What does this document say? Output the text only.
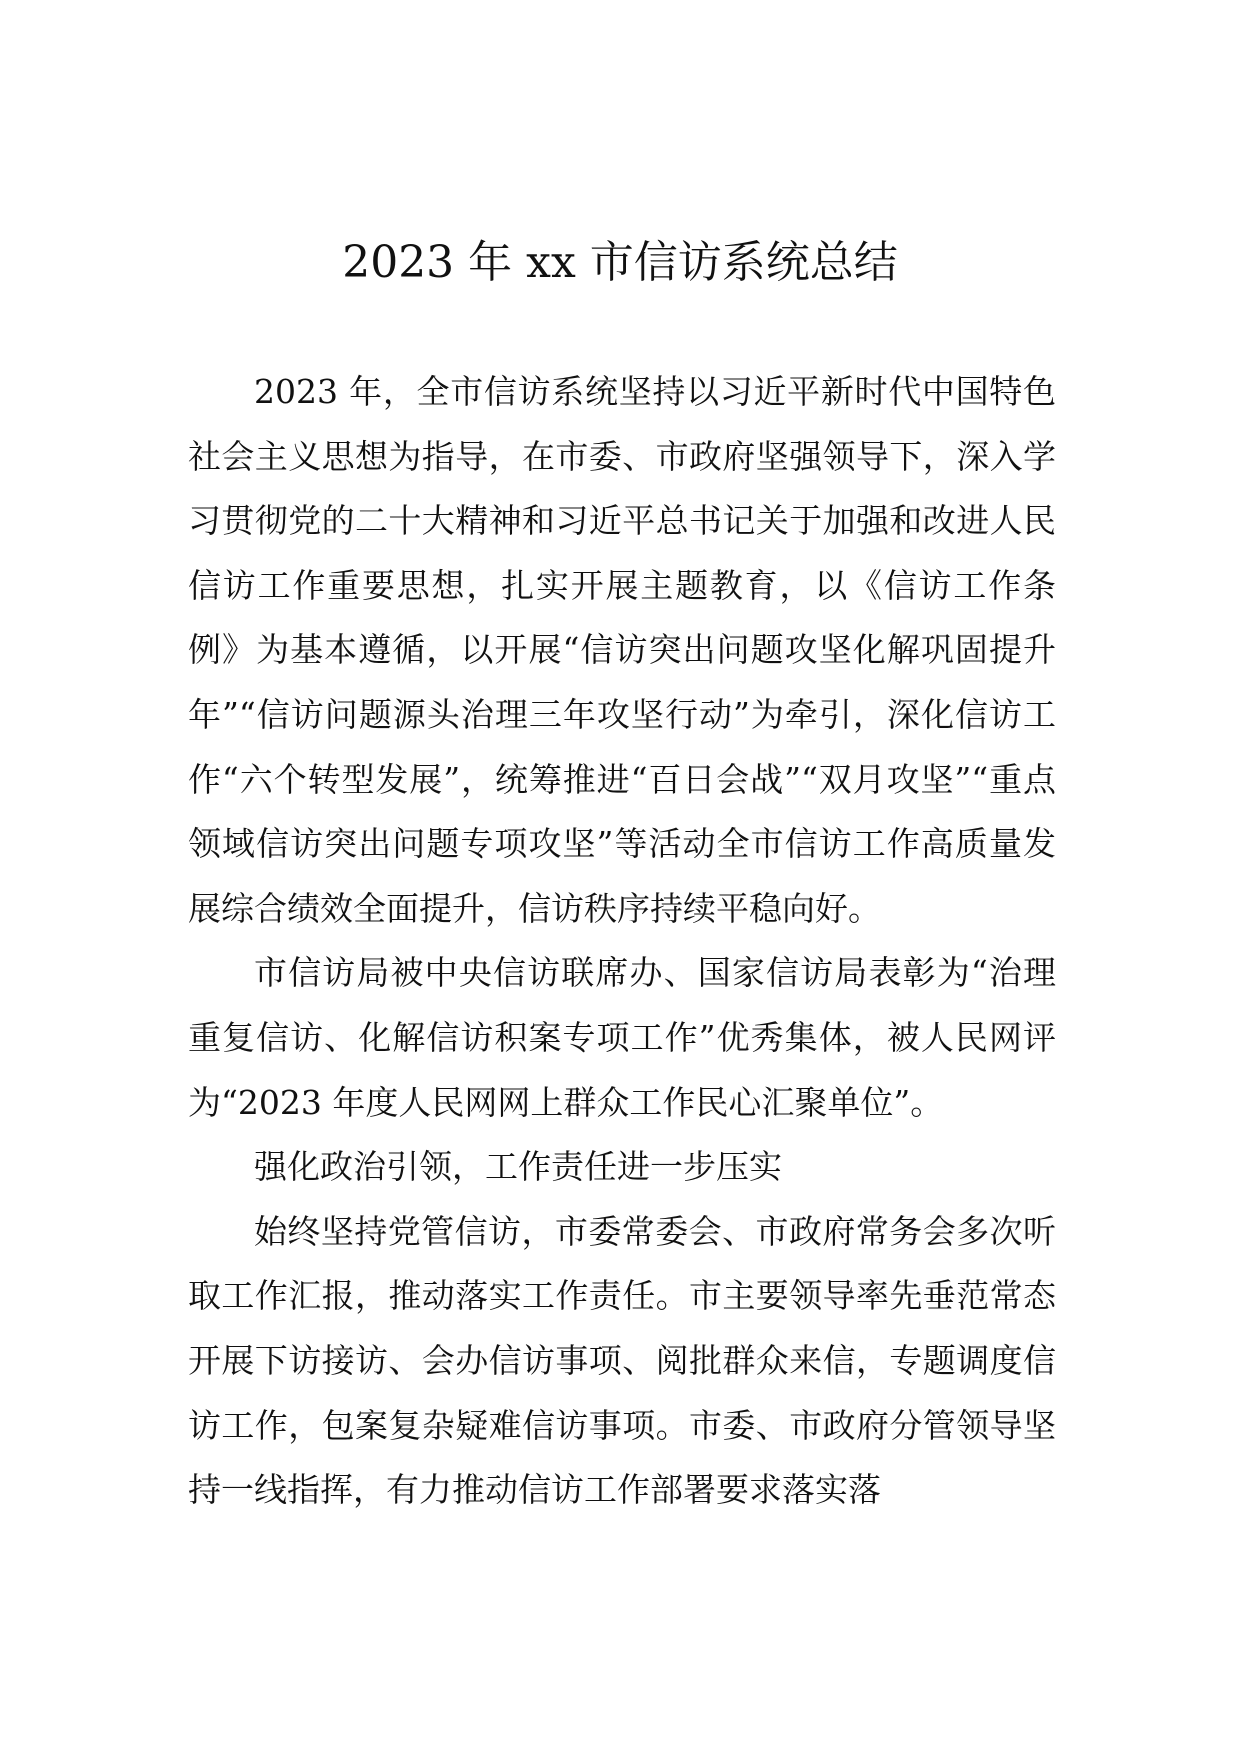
2023 年 xx 市信访系统总结

2023 年，全市信访系统坚持以习近平新时代中国特色社会主义思想为指导，在市委、市政府坚强领导下，深入学习贯彻党的二十大精神和习近平总书记关于加强和改进人民信访工作重要思想，扎实开展主题教育，以《信访工作条例》为基本遵循，以开展“信访突出问题攻坚化解巩固提升年”“信访问题源头治理三年攻坚行动”为牵引，深化信访工作“六个转型发展”，统筹推进“百日会战”“双月攻坚”“重点领域信访突出问题专项攻坚”等活动全市信访工作高质量发展综合绩效全面提升，信访秩序持续平稳向好。

市信访局被中央信访联席办、国家信访局表彰为“治理重复信访、化解信访积案专项工作”优秀集体，被人民网评为“2023 年度人民网网上群众工作民心汇聚单位”。

强化政治引领，工作责任进一步压实

始终坚持党管信访，市委常委会、市政府常务会多次听取工作汇报，推动落实工作责任。市主要领导率先垂范常态开展下访接访、会办信访事项、阅批群众来信，专题调度信访工作，包案复杂疑难信访事项。市委、市政府分管领导坚持一线指挥，有力推动信访工作部署要求落实落
